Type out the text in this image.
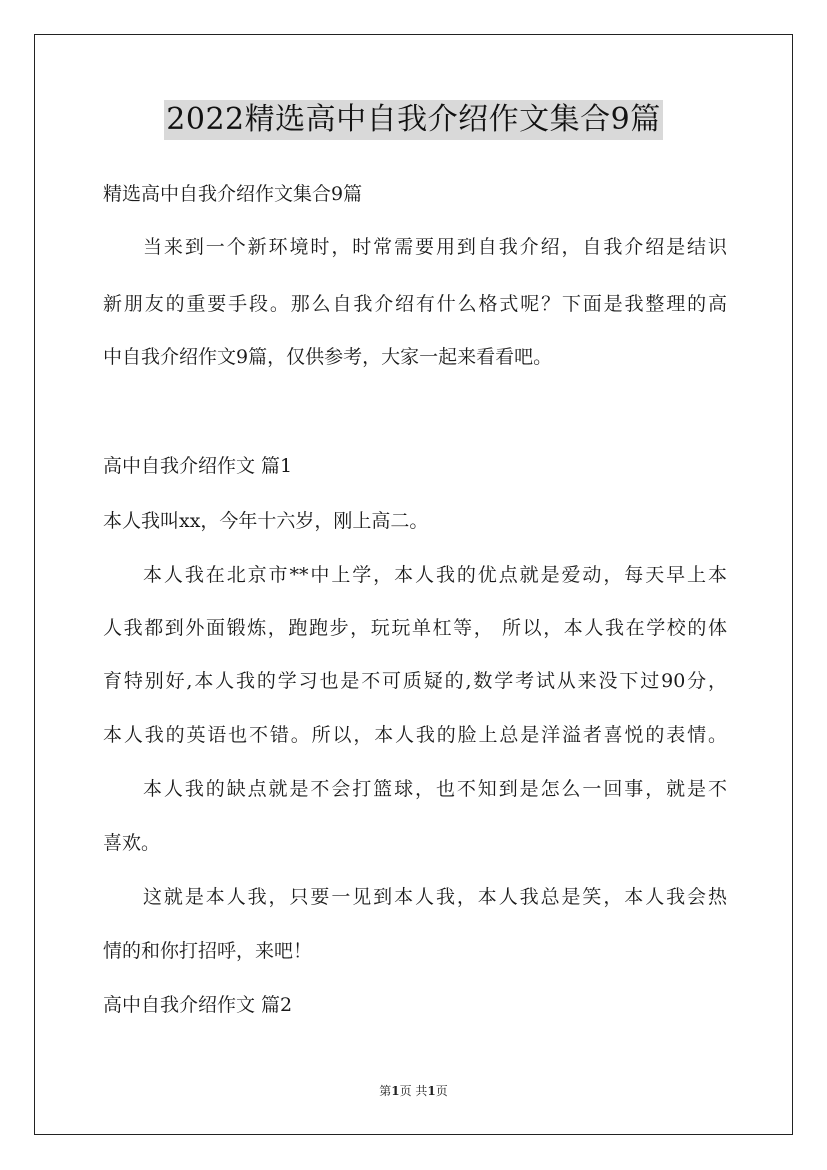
2022精选高中自我介绍作文集合9篇
精选高中自我介绍作文集合9篇
当来到一个新环境时，时常需要用到自我介绍，自我介绍是结识
新朋友的重要手段。那么自我介绍有什么格式呢？下面是我整理的高
中自我介绍作文9篇，仅供参考，大家一起来看看吧。
高中自我介绍作文 篇1
本人我叫xx，今年十六岁，刚上高二。
本人我在北京市**中上学，本人我的优点就是爱动，每天早上本
人我都到外面锻炼，跑跑步，玩玩单杠等， 所以，本人我在学校的体
育特别好,本人我的学习也是不可质疑的,数学考试从来没下过90分，
本人我的英语也不错。所以，本人我的脸上总是洋溢者喜悦的表情。
本人我的缺点就是不会打篮球，也不知到是怎么一回事，就是不
喜欢。
这就是本人我，只要一见到本人我，本人我总是笑，本人我会热
情的和你打招呼，来吧！
高中自我介绍作文 篇2
第1页 共1页
